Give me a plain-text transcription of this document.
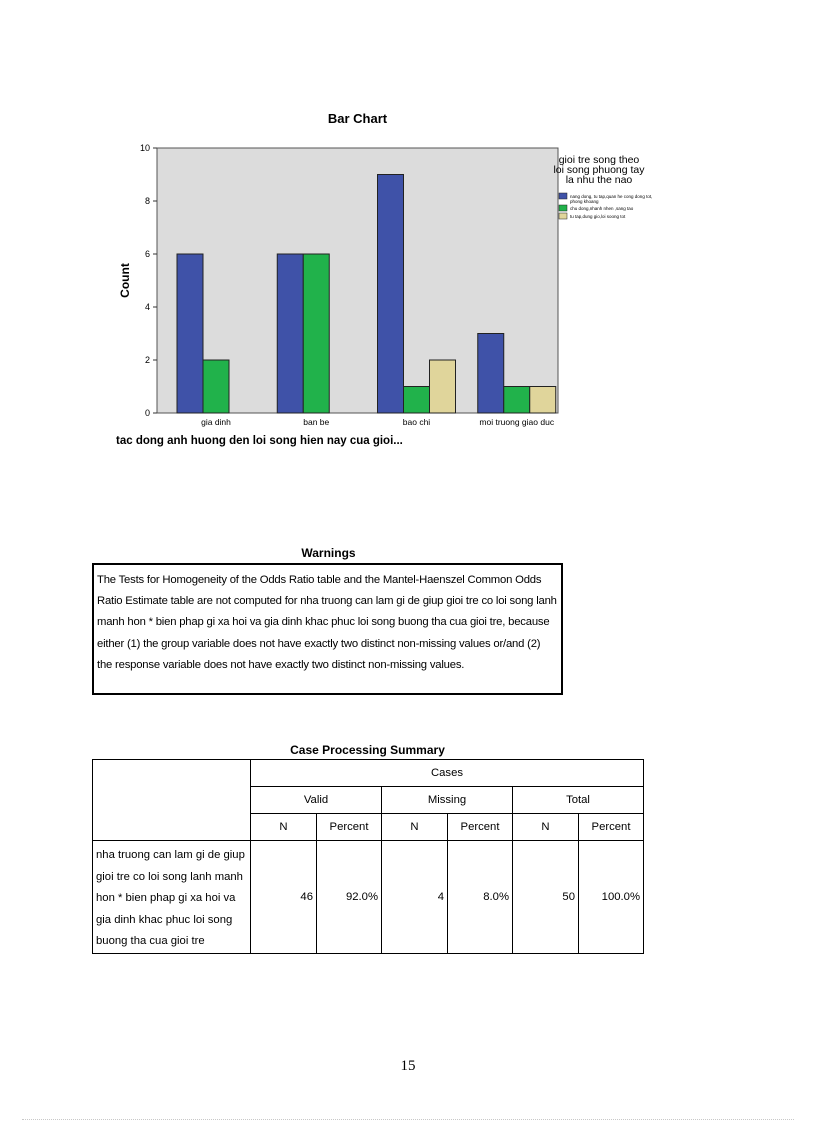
Bar Chart
0
2
4
6
8
10
Count
gia dinh	ban be	bao chi	moi truong giao duc
tac dong anh huong den loi song hien nay cua gioi...
gioi tre song theo loi song phuong tay la nhu the nao
nang dong, tu tap,quan he cong dong tot, phong khoang
chu dong,nhanh nhen ,sang tao
tu tap,dung gio,loi soong tot
Warnings
The Tests for Homogeneity of the Odds Ratio table and the Mantel-Haenszel Common Odds Ratio Estimate table are not computed for nha truong can lam gi de giup gioi tre co loi song lanh manh hon * bien phap gi xa hoi va gia dinh khac phuc loi song buong tha cua gioi tre, because either (1) the group variable does not have exactly two distinct non-missing values or/and (2) the response variable does not have exactly two distinct non-missing values.
Case Processing Summary
	Cases					
	Valid		Missing		Total	
	N	Percent	N	Percent	N	Percent
nha truong can lam gi de giup gioi tre co loi song lanh manh hon * bien phap gi xa hoi va gia dinh khac phuc loi song buong tha cua gioi tre	46	92.0%	4	8.0%	50	100.0%
15
